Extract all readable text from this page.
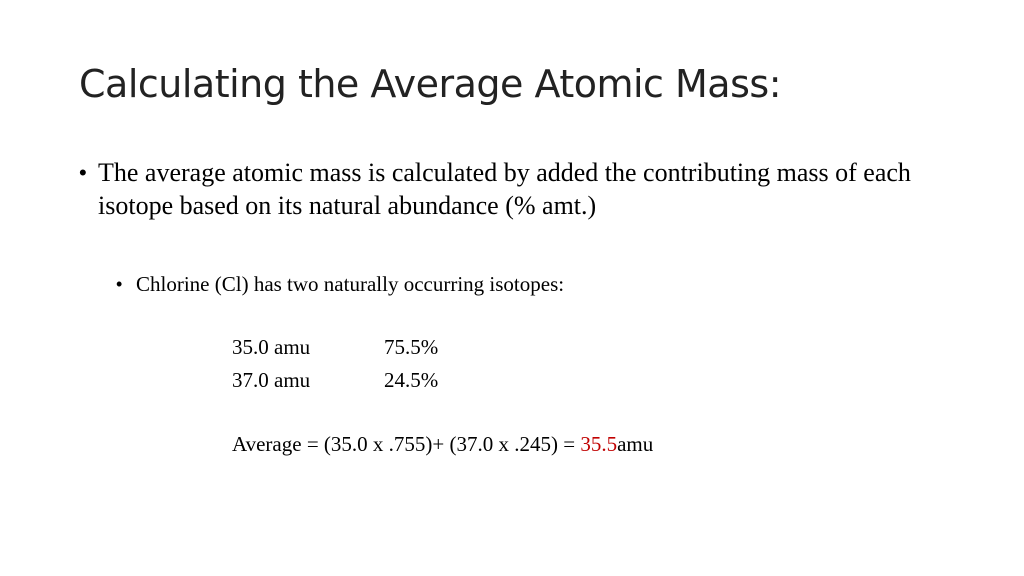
Calculating the Average Atomic Mass:
• The average atomic mass is calculated by added the contributing mass of each isotope based on its natural abundance (% amt.)
• Chlorine (Cl) has two naturally occurring isotopes:
35.0 amu	75.5%
37.0 amu	24.5%
Average = (35.0 x .755)+ (37.0 x .245) = 35.5amu
